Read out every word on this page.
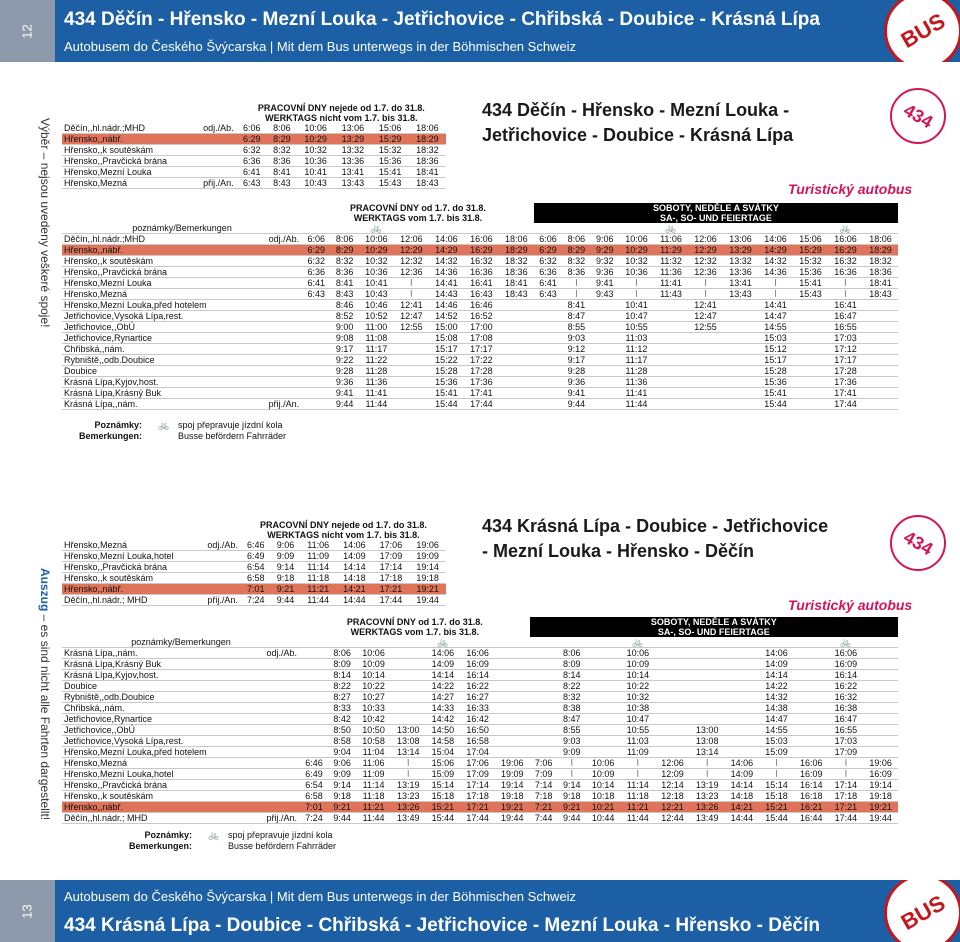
12
434 Děčín - Hřensko - Mezní Louka - Jetřichovice - Chřibská - Doubice - Krásná Lípa
Autobusem do Českého Švýcarska | Mit dem Bus unterwegs in der Böhmischen Schweiz	BUS
Výběr – nejsou uvedeny veškeré spoje!
434 Děčín - Hřensko - Mezní Louka -
Jetřichovice - Doubice - Krásná Lípa
434
Turistický autobus
		PRACOVNÍ DNY nejede od 1.7. do 31.8.					
		WERKTAGS nicht vom 1.7. bis 31.8.					
Děčín,,hl.nádr.;MHD	odj./Ab.	6:06	8:06	10:06	13:06	15:06	18:06
Hřensko,,nábř.		6:29	8:29	10:29	13:29	15:29	18:29
Hřensko,,k soutěskám		6:32	8:32	10:32	13:32	15:32	18:32
Hřensko,,Pravčická brána		6:36	8:36	10:36	13:36	15:36	18:36
Hřensko,Mezní Louka		6:41	8:41	10:41	13:41	15:41	18:41
Hřensko,Mezná	přij./An.	6:43	8:43	10:43	13:43	15:43	18:43
		PRACOVNÍ DNY od 1.7. do 31.8.							SOBOTY, NEDĚLE A SVÁTKY										
		WERKTAGS vom 1.7. bis 31.8.							SA-, SO- UND FEIERTAGE										
poznámky/Bemerkungen				🚲									🚲					🚲	
Děčín,,hl.nádr.;MHD	odj./Ab.	6:06	8:06	10:06	12:06	14:06	16:06	18:06	6:06	8:06	9:06	10:06	11:06	12:06	13:06	14:06	15:06	16:06	18:06
Hřensko,,nábř.		6:29	8:29	10:29	12:29	14:29	16:29	18:29	6:29	8:29	9:29	10:29	11:29	12:29	13:29	14:29	15:29	16:29	18:29
Hřensko,,k soutěskám		6:32	8:32	10:32	12:32	14:32	16:32	18:32	6:32	8:32	9:32	10:32	11:32	12:32	13:32	14:32	15:32	16:32	18:32
Hřensko,,Pravčická brána		6:36	8:36	10:36	12:36	14:36	16:36	18:36	6:36	8:36	9:36	10:36	11:36	12:36	13:36	14:36	15:36	16:36	18:36
Hřensko,Mezní Louka		6:41	8:41	10:41	⦚	14:41	16:41	18:41	6:41	⦚	9:41	⦚	11:41	⦚	13:41	⦚	15:41	⦚	18:41
Hřensko,Mezná		6:43	8:43	10:43	⦚	14:43	16:43	18:43	6:43	⦚	9:43	⦚	11:43	⦚	13:43	⦚	15:43	⦚	18:43
Hřensko,Mezní Louka,před hotelem			8:46	10:46	12:41	14:46	16:46			8:41		10:41		12:41		14:41		16:41	
Jetřichovice,Vysoká Lípa,rest.			8:52	10:52	12:47	14:52	16:52			8:47		10:47		12:47		14:47		16:47	
Jetřichovice,,ObÚ			9:00	11:00	12:55	15:00	17:00			8:55		10:55		12:55		14:55		16:55	
Jetřichovice,Rynartice			9:08	11:08		15:08	17:08			9:03		11:03				15:03		17:03	
Chřibská,,nám.			9:17	11:17		15:17	17:17			9:12		11:12				15:12		17:12	
Rybniště,,odb.Doubice			9:22	11:22		15:22	17:22			9:17		11:17				15:17		17:17	
Doubice			9:28	11:28		15:28	17:28			9:28		11:28				15:28		17:28	
Krásná Lípa,Kyjov,host.			9:36	11:36		15:36	17:36			9:36		11:36				15:36		17:36	
Krásná Lípa,Krásný Buk			9:41	11:41		15:41	17:41			9:41		11:41				15:41		17:41	
Krásná Lípa,,nám.	přij./An.		9:44	11:44		15:44	17:44			9:44		11:44				15:44		17:44	
Poznámky:
Bemerkungen:
🚲 spoj přepravuje jízdní kola
Busse befördern Fahrräder
Auszug – es sind nicht alle Fahrten dargestellt!
434 Krásná Lípa - Doubice - Jetřichovice
- Mezní Louka - Hřensko - Děčín	434
Turistický autobus
		PRACOVNÍ DNY nejede od 1.7. do 31.8.					
		WERKTAGS nicht vom 1.7. bis 31.8.					
Hřensko,Mezná	odj./Ab.	6:46	9:06	11:06	14:06	17:06	19:06
Hřensko,Mezní Louka,hotel		6:49	9:09	11:09	14:09	17:09	19:09
Hřensko,,Pravčická brána		6:54	9:14	11:14	14:14	17:14	19:14
Hřensko,,k soutěskám		6:58	9:18	11:18	14:18	17:18	19:18
Hřensko,,nábř.		7:01	9:21	11:21	14:21	17:21	19:21
Děčín,,hl.nádr.; MHD	přij./An.	7:24	9:44	11:44	14:44	17:44	19:44
		PRACOVNÍ DNY od 1.7. do 31.8.							SOBOTY, NEDĚLE A SVÁTKY										
		WERKTAGS vom 1.7. bis 31.8.							SA-, SO- UND FEIERTAGE										
poznámky/Bemerkungen						🚲						🚲						🚲	
Krásná Lípa,,nám.	odj./Ab.		8:06	10:06		14:06	16:06			8:06		10:06				14:06		16:06	
Krásná Lípa,Krásný Buk			8:09	10:09		14:09	16:09			8:09		10:09				14:09		16:09	
Krásná Lípa,Kyjov,host.			8:14	10:14		14:14	16:14			8:14		10:14				14:14		16:14	
Doubice			8:22	10:22		14:22	16:22			8:22		10:22				14:22		16:22	
Rybniště,,odb.Doubice			8:27	10:27		14:27	16:27			8:32		10:32				14:32		16:32	
Chřibská,,nám.			8:33	10:33		14:33	16:33			8:38		10:38				14:38		16:38	
Jetřichovice,Rynartice			8:42	10:42		14:42	16:42			8:47		10:47				14:47		16:47	
Jetřichovice,,ObÚ			8:50	10:50	13:00	14:50	16:50			8:55		10:55		13:00		14:55		16:55	
Jetřichovice,Vysoká Lípa,rest.			8:58	10:58	13:08	14:58	16:58			9:03		11:03		13:08		15:03		17:03	
Hřensko,Mezní Louka,před hotelem			9:04	11:04	13:14	15:04	17:04			9:09		11:09		13:14		15:09		17:09	
Hřensko,Mezná		6:46	9:06	11:06	⦚	15:06	17:06	19:06	7:06	⦚	10:06	⦚	12:06	⦚	14:06	⦚	16:06	⦚	19:06
Hřensko,Mezní Louka,hotel		6:49	9:09	11:09	⦚	15:09	17:09	19:09	7:09	⦚	10:09	⦚	12:09	⦚	14:09	⦚	16:09	⦚	16:09
Hřensko,,Pravčická brána		6:54	9:14	11:14	13:19	15:14	17:14	19:14	7:14	9:14	10:14	11:14	12:14	13:19	14:14	15:14	16:14	17:14	19:14
Hřensko,,k soutěskám		6:58	9:18	11:18	13:23	15:18	17:18	19:18	7:18	9:18	10:18	11:18	12:18	13:23	14:18	15:18	16:18	17:18	19:18
Hřensko,,nábř.		7:01	9:21	11:21	13:26	15:21	17:21	19:21	7:21	9:21	10:21	11:21	12:21	13:26	14:21	15:21	16:21	17:21	19:21
Děčín,,hl.nádr.; MHD	přij./An.	7:24	9:44	11:44	13:49	15:44	17:44	19:44	7:44	9:44	10:44	11:44	12:44	13:49	14:44	15:44	16:44	17:44	19:44
Poznámky:
Bemerkungen:
🚲 spoj přepravuje jízdní kola
Busse befördern Fahrräder
13
Autobusem do Českého Švýcarska | Mit dem Bus unterwegs in der Böhmischen Schweiz
434 Krásná Lípa - Doubice - Chřibská - Jetřichovice - Mezní Louka - Hřensko - Děčín	BUS
